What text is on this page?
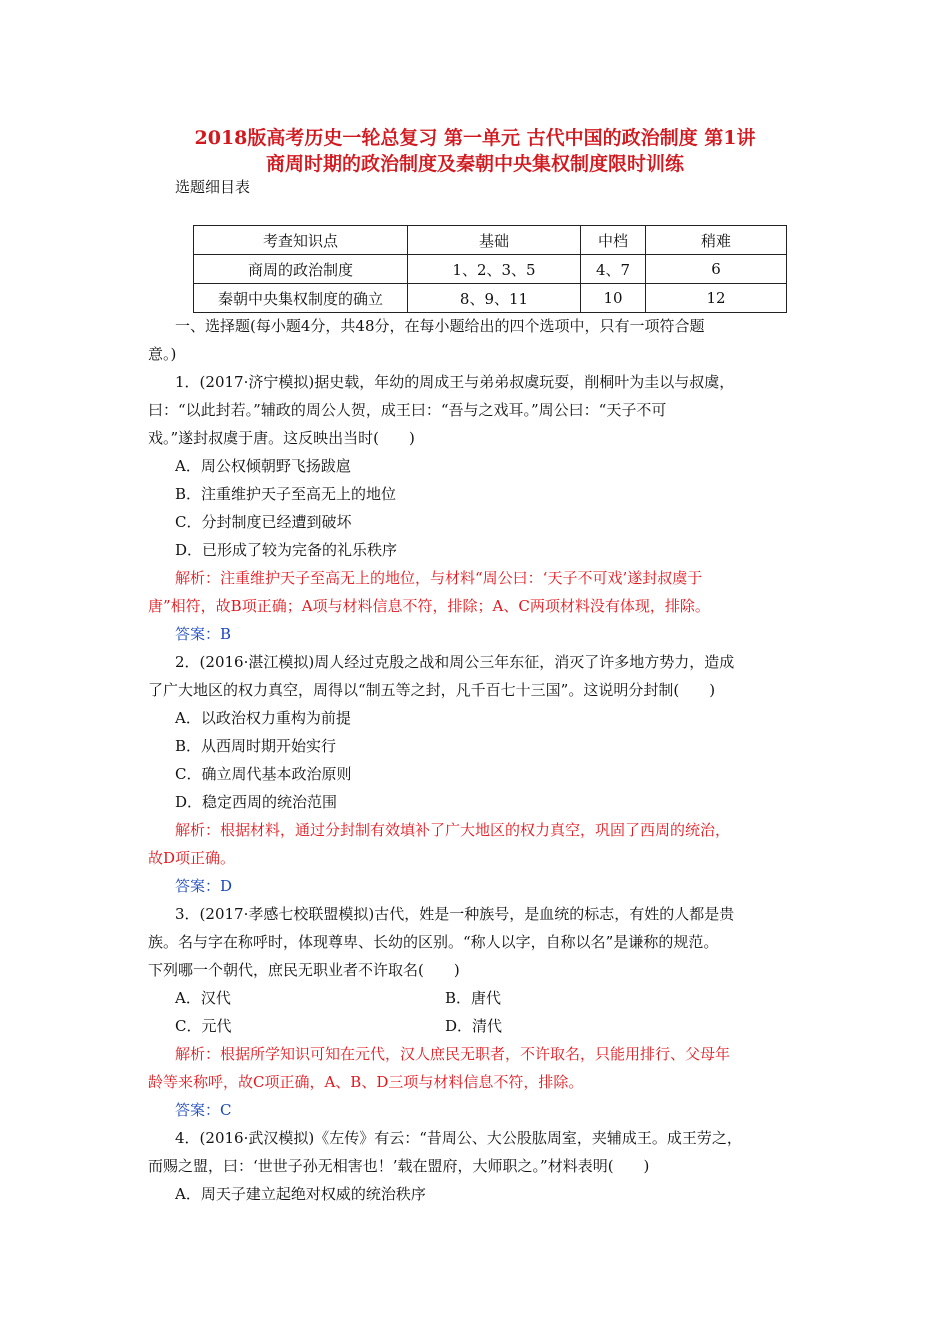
2018版高考历史一轮总复习 第一单元 古代中国的政治制度 第1讲
商周时期的政治制度及秦朝中央集权制度限时训练
选题细目表
考查知识点	基础	中档	稍难
商周的政治制度	1、2、3、5	4、7	6
秦朝中央集权制度的确立	8、9、11	10	12
一、选择题(每小题4分，共48分，在每小题给出的四个选项中，只有一项符合题
意。)
1．(2017·济宁模拟)据史载，年幼的周成王与弟弟叔虞玩耍，削桐叶为圭以与叔虞，
曰：“以此封若。”辅政的周公人贺，成王曰：“吾与之戏耳。”周公曰：“天子不可
戏。”遂封叔虞于唐。这反映出当时(　　)
A．周公权倾朝野飞扬跋扈
B．注重维护天子至高无上的地位
C．分封制度已经遭到破坏
D．已形成了较为完备的礼乐秩序
解析：注重维护天子至高无上的地位，与材料“周公曰：‘天子不可戏’遂封叔虞于
唐”相符，故B项正确；A项与材料信息不符，排除；A、C两项材料没有体现，排除。
答案：B
2．(2016·湛江模拟)周人经过克殷之战和周公三年东征，消灭了许多地方势力，造成
了广大地区的权力真空，周得以“制五等之封，凡千百七十三国”。这说明分封制(　　)
A．以政治权力重构为前提
B．从西周时期开始实行
C．确立周代基本政治原则
D．稳定西周的统治范围
解析：根据材料，通过分封制有效填补了广大地区的权力真空，巩固了西周的统治，
故D项正确。
答案：D
3．(2017·孝感七校联盟模拟)古代，姓是一种族号，是血统的标志，有姓的人都是贵
族。名与字在称呼时，体现尊卑、长幼的区别。“称人以字，自称以名”是谦称的规范。
下列哪一个朝代，庶民无职业者不许取名(　　)
A．汉代	B．唐代
C．元代	D．清代
解析：根据所学知识可知在元代，汉人庶民无职者，不许取名，只能用排行、父母年
龄等来称呼，故C项正确，A、B、D三项与材料信息不符，排除。
答案：C
4．(2016·武汉模拟)《左传》有云：“昔周公、大公股肱周室，夹辅成王。成王劳之，
而赐之盟，曰：‘世世子孙无相害也！’载在盟府，大师职之。”材料表明(　　)
A．周天子建立起绝对权威的统治秩序
